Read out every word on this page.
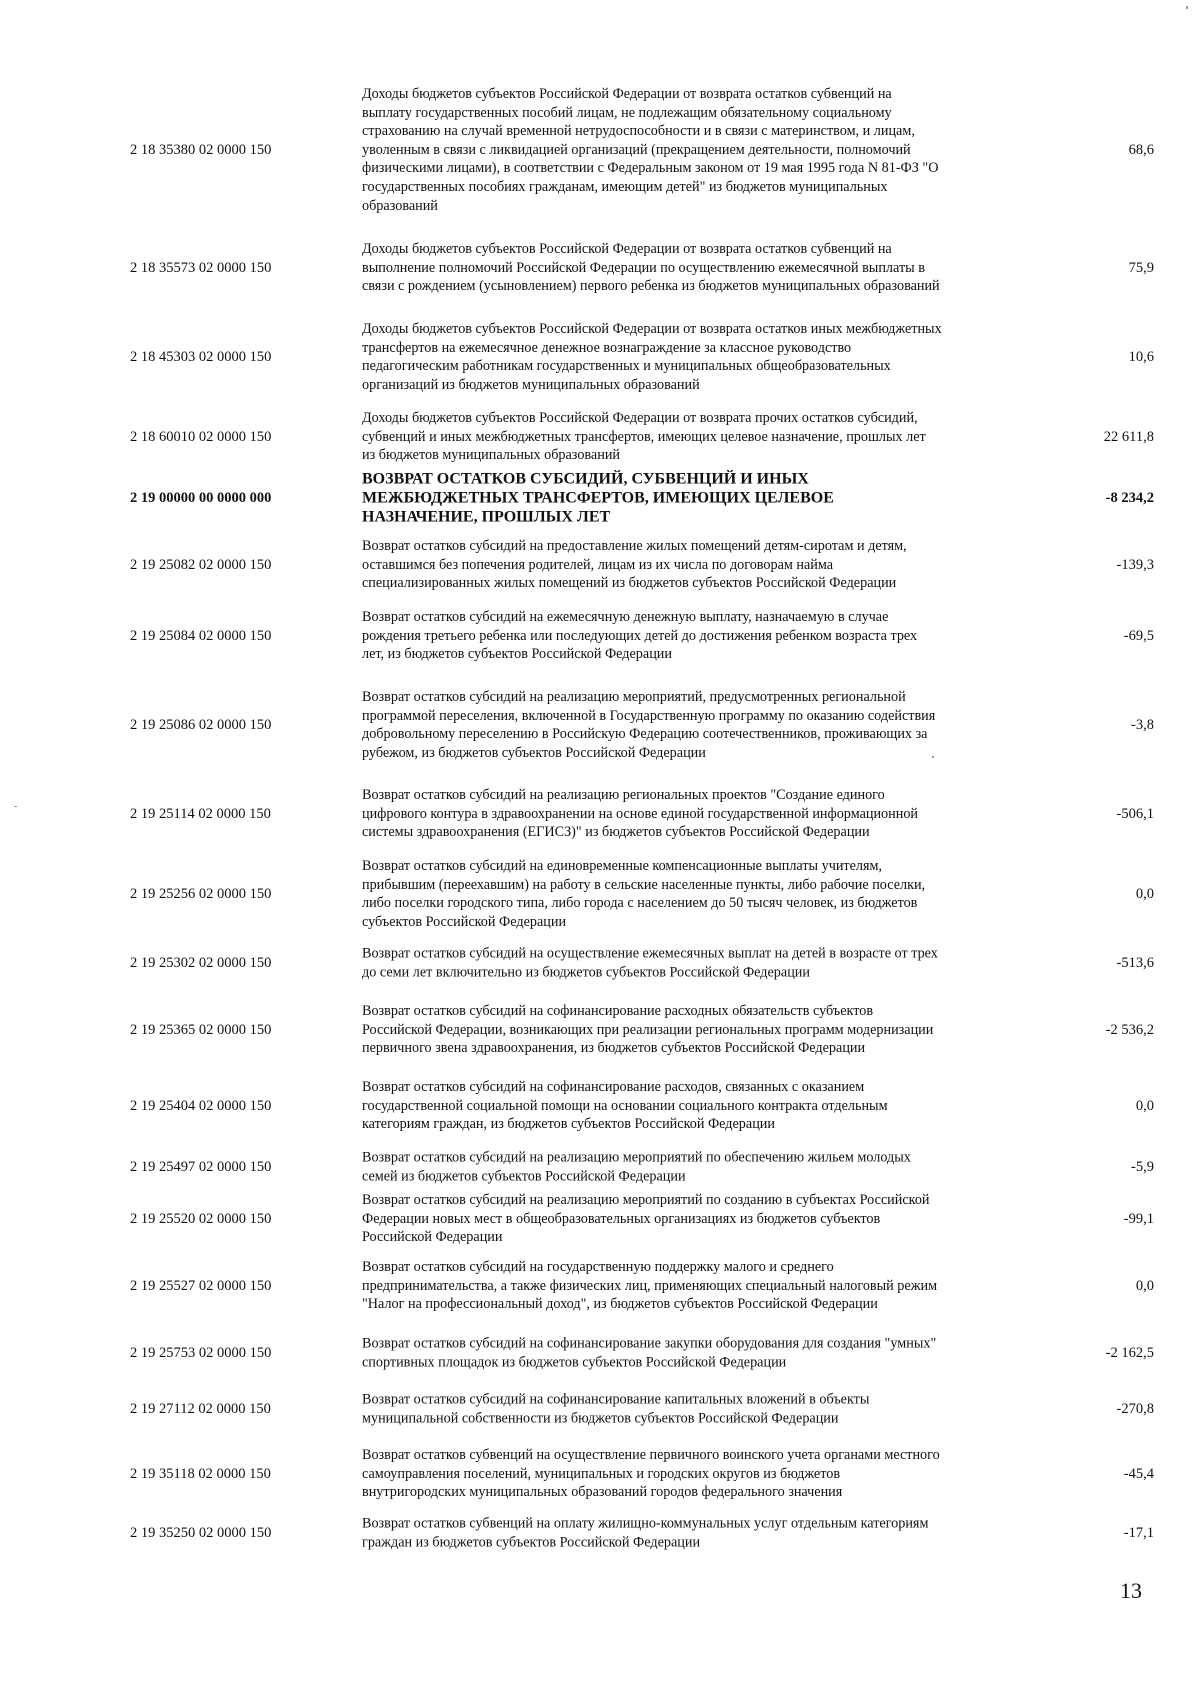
2 18 35380 02 0000 150
Доходы бюджетов субъектов Российской Федерации от возврата остатков субвенций на выплату государственных пособий лицам, не подлежащим обязательному социальному страхованию на случай временной нетрудоспособности и в связи с материнством, и лицам, уволенным в связи с ликвидацией организаций (прекращением деятельности, полномочий физическими лицами), в соответствии с Федеральным законом от 19 мая 1995 года N 81-ФЗ "О государственных пособиях гражданам, имеющим детей" из бюджетов муниципальных образований
68,6
2 18 35573 02 0000 150
Доходы бюджетов субъектов Российской Федерации от возврата остатков субвенций на выполнение полномочий Российской Федерации по осуществлению ежемесячной выплаты в связи с рождением (усыновлением) первого ребенка из бюджетов муниципальных образований
75,9
2 18 45303 02 0000 150
Доходы бюджетов субъектов Российской Федерации от возврата остатков иных межбюджетных трансфертов на ежемесячное денежное вознаграждение за классное руководство педагогическим работникам государственных и муниципальных общеобразовательных организаций из бюджетов муниципальных образований
10,6
2 18 60010 02 0000 150
Доходы бюджетов субъектов Российской Федерации от возврата прочих остатков субсидий, субвенций и иных межбюджетных трансфертов, имеющих целевое назначение, прошлых лет из бюджетов муниципальных образований
22 611,8
2 19 00000 00 0000 000
ВОЗВРАТ ОСТАТКОВ СУБСИДИЙ, СУБВЕНЦИЙ И ИНЫХ МЕЖБЮДЖЕТНЫХ ТРАНСФЕРТОВ, ИМЕЮЩИХ ЦЕЛЕВОЕ НАЗНАЧЕНИЕ, ПРОШЛЫХ ЛЕТ
-8 234,2
2 19 25082 02 0000 150
Возврат остатков субсидий на предоставление жилых помещений детям-сиротам и детям, оставшимся без попечения родителей, лицам из их числа по договорам найма специализированных жилых помещений из бюджетов субъектов Российской Федерации
-139,3
2 19 25084 02 0000 150
Возврат остатков субсидий на ежемесячную денежную выплату, назначаемую в случае рождения третьего ребенка или последующих детей до достижения ребенком возраста трех лет, из бюджетов субъектов Российской Федерации
-69,5
2 19 25086 02 0000 150
Возврат остатков субсидий на реализацию мероприятий, предусмотренных региональной программой переселения, включенной в Государственную программу по оказанию содействия добровольному переселению в Российскую Федерацию соотечественников, проживающих за рубежом, из бюджетов субъектов Российской Федерации
-3,8
2 19 25114 02 0000 150
Возврат остатков субсидий на реализацию региональных проектов "Создание единого цифрового контура в здравоохранении на основе единой государственной информационной системы здравоохранения (ЕГИСЗ)" из бюджетов субъектов Российской Федерации
-506,1
2 19 25256 02 0000 150
Возврат остатков субсидий на единовременные компенсационные выплаты учителям, прибывшим (переехавшим) на работу в сельские населенные пункты, либо рабочие поселки, либо поселки городского типа, либо города с населением до 50 тысяч человек, из бюджетов субъектов Российской Федерации
0,0
2 19 25302 02 0000 150
Возврат остатков субсидий на осуществление ежемесячных выплат на детей в возрасте от трех до семи лет включительно из бюджетов субъектов Российской Федерации
-513,6
2 19 25365 02 0000 150
Возврат остатков субсидий на софинансирование расходных обязательств субъектов Российской Федерации, возникающих при реализации региональных программ модернизации первичного звена здравоохранения, из бюджетов субъектов Российской Федерации
-2 536,2
2 19 25404 02 0000 150
Возврат остатков субсидий на софинансирование расходов, связанных с оказанием государственной социальной помощи на основании социального контракта отдельным категориям граждан, из бюджетов субъектов Российской Федерации
0,0
2 19 25497 02 0000 150
Возврат остатков субсидий на реализацию мероприятий по обеспечению жильем молодых семей из бюджетов субъектов Российской Федерации
-5,9
2 19 25520 02 0000 150
Возврат остатков субсидий на реализацию мероприятий по созданию в субъектах Российской Федерации новых мест в общеобразовательных организациях из бюджетов субъектов Российской Федерации
-99,1
2 19 25527 02 0000 150
Возврат остатков субсидий на государственную поддержку малого и среднего предпринимательства, а также физических лиц, применяющих специальный налоговый режим "Налог на профессиональный доход", из бюджетов субъектов Российской Федерации
0,0
2 19 25753 02 0000 150
Возврат остатков субсидий на софинансирование закупки оборудования для создания "умных" спортивных площадок из бюджетов субъектов Российской Федерации
-2 162,5
2 19 27112 02 0000 150
Возврат остатков субсидий на софинансирование капитальных вложений в объекты муниципальной собственности из бюджетов субъектов Российской Федерации
-270,8
2 19 35118 02 0000 150
Возврат остатков субвенций на осуществление первичного воинского учета органами местного самоуправления поселений, муниципальных и городских округов из бюджетов внутригородских муниципальных образований городов федерального значения
-45,4
2 19 35250 02 0000 150
Возврат остатков субвенций на оплату жилищно-коммунальных услуг отдельным категориям граждан из бюджетов субъектов Российской Федерации
-17,1
13
